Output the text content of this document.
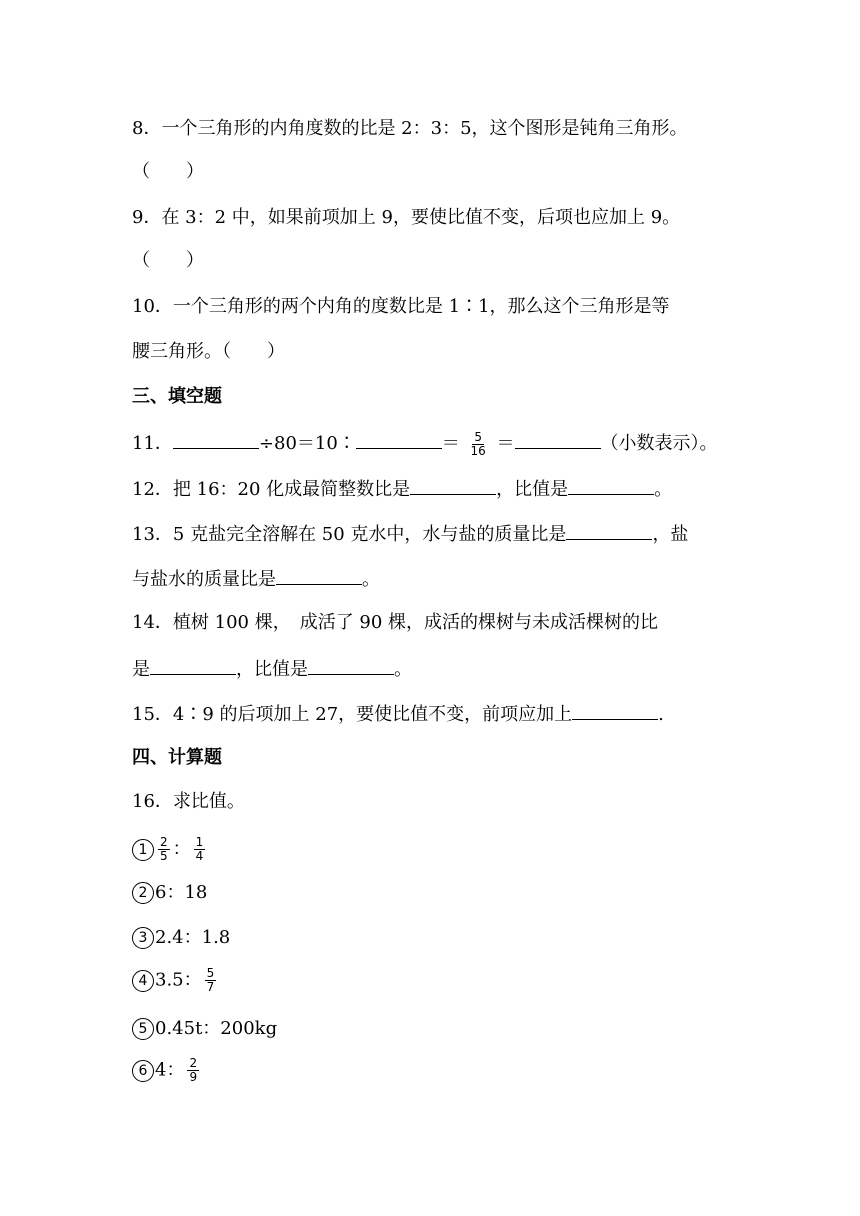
8．一个三角形的内角度数的比是 2：3：5，这个图形是钝角三角形。
（　　）
9．在 3：2 中，如果前项加上 9，要使比值不变，后项也应加上 9。
（　　）
10．一个三角形的两个内角的度数比是 1∶1，那么这个三角形是等
腰三角形。（　　）
三、填空题
11．	÷80＝10∶	＝ $\frac{5}{16}$ ＝	（小数表示）。
12．把 16：20 化成最简整数比是	，比值是	。
13．5 克盐完全溶解在 50 克水中，水与盐的质量比是	，盐
与盐水的质量比是	。
14．植树 100 棵，　成活了 90 棵，成活的棵树与未成活棵树的比
是	，比值是	。
15．4∶9 的后项加上 27，要使比值不变，前项应加上	.
四、计算题
16．求比值。
$1 \frac{2}{5}$ ： $\frac{1}{4}$
2 6：18
3 2.4：1.8
4 3.5： $\frac{5}{7}$
5 0.45t：200kg
6 4： $\frac{2}{9}$
